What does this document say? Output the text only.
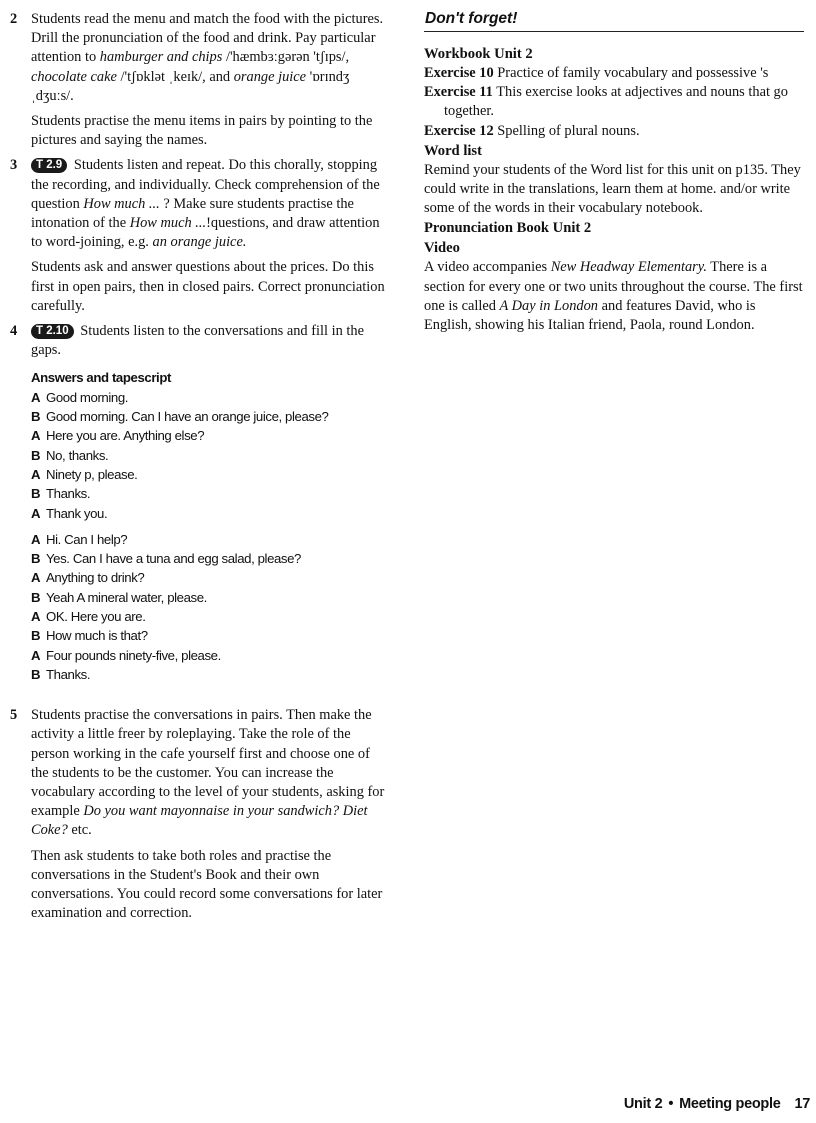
2 Students read the menu and match the food with the pictures. Drill the pronunciation of the food and drink. Pay particular attention to hamburger and chips /'hæmbɜːgərən 'tʃɪps/, chocolate cake /'tʃɒklət ˌkeɪk/, and orange juice 'ɒrɪndʒ ˌdʒuːs/.

Students practise the menu items in pairs by pointing to the pictures and saying the names.

3	T 2.9 Students listen and repeat. Do this chorally, stopping the recording, and individually. Check comprehension of the question How much ... ? Make sure students practise the intonation of the How much ...!questions, and draw attention to word-joining, e.g. an orange juice.

Students ask and answer questions about the prices. Do this first in open pairs, then in closed pairs. Correct pronunciation carefully.

4	T 2.10 Students listen to the conversations and fill in the gaps.

Answers and tapescript
A Good morning.
B Good morning. Can I have an orange juice, please?
A Here you are. Anything else?
B No, thanks.
A Ninety p, please.
B Thanks.
A Thank you.
A Hi. Can I help?
B Yes. Can I have a tuna and egg salad, please?
A Anything to drink?
B Yeah A mineral water, please.
A OK. Here you are.
B How much is that?
A Four pounds ninety-five, please.
B Thanks.
5 Students practise the conversations in pairs. Then make the activity a little freer by roleplaying. Take the role of the person working in the cafe yourself first and choose one of the students to be the customer. You can increase the vocabulary according to the level of your students, asking for example Do you want mayonnaise in your sandwich? Diet Coke? etc.

Then ask students to take both roles and practise the conversations in the Student's Book and their own conversations. You could record some conversations for later examination and correction.

Don't forget!
Workbook Unit 2

Exercise 10 Practice of family vocabulary and possessive 's

Exercise 11 This exercise looks at adjectives and nouns that go together.

Exercise 12 Spelling of plural nouns.

Word list

Remind your students of the Word list for this unit on p135. They could write in the translations, learn them at home. and/or write some of the words in their vocabulary notebook.

Pronunciation Book Unit 2
Video

A video accompanies New Headway Elementary. There is a section for every one or two units throughout the course. The first one is called A Day in London and features David, who is English, showing his Italian friend, Paola, round London.

Unit 2 • Meeting people 17
